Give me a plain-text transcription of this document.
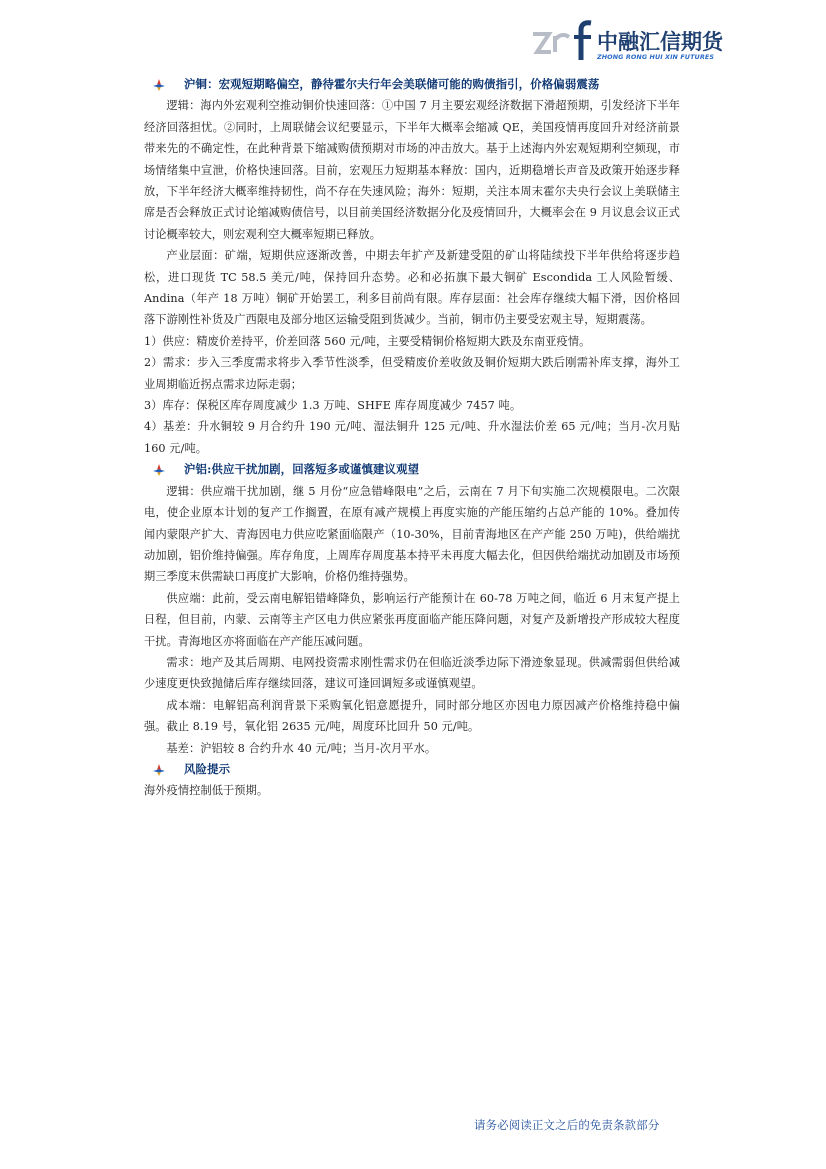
中融汇信期货
ZHONG RONG HUI XIN FUTURES
沪铜：宏观短期略偏空，静待霍尔夫行年会美联储可能的购债指引，价格偏弱震荡

逻辑：海内外宏观利空推动铜价快速回落：①中国 7 月主要宏观经济数据下滑超预期，引发经济下半年经济回落担忧。②同时，上周联储会议纪要显示，下半年大概率会缩减 QE，美国疫情再度回升对经济前景带来先的不确定性，在此种背景下缩减购债预期对市场的冲击放大。基于上述海内外宏观短期利空频现，市场情绪集中宣泄，价格快速回落。目前，宏观压力短期基本释放：国内，近期稳增长声音及政策开始逐步释放，下半年经济大概率维持韧性，尚不存在失速风险；海外：短期，关注本周末霍尔夫央行会议上美联储主席是否会释放正式讨论缩减购债信号，以目前美国经济数据分化及疫情回升，大概率会在 9 月议息会议正式讨论概率较大，则宏观利空大概率短期已释放。

产业层面：矿端，短期供应逐渐改善，中期去年扩产及新建受阻的矿山将陆续投下半年供给将逐步趋松，进口现货 TC 58.5 美元/吨，保持回升态势。必和必拓旗下最大铜矿 Escondida 工人风险暂缓、Andina（年产 18 万吨）铜矿开始罢工，利多目前尚有限。库存层面：社会库存继续大幅下滑，因价格回落下游刚性补货及广西限电及部分地区运输受阻到货减少。当前，铜市仍主要受宏观主导，短期震荡。

1）供应：精废价差持平，价差回落 560 元/吨，主要受精铜价格短期大跌及东南亚疫情。

2）需求：步入三季度需求将步入季节性淡季，但受精废价差收敛及铜价短期大跌后刚需补库支撑，海外工业周期临近拐点需求边际走弱；

3）库存：保税区库存周度减少 1.3 万吨、SHFE 库存周度减少 7457 吨。

4）基差：升水铜较 9 月合约升 190 元/吨、湿法铜升 125 元/吨、升水湿法价差 65 元/吨；当月-次月贴 160 元/吨。

沪铝:供应干扰加剧，回落短多或谨慎建议观望

逻辑：供应端干扰加剧，继 5 月份“应急错峰限电”之后，云南在 7 月下旬实施二次规模限电。二次限电，使企业原本计划的复产工作搁置，在原有减产规模上再度实施的产能压缩约占总产能的 10%。叠加传闻内蒙限产扩大、青海因电力供应吃紧面临限产（10-30%，目前青海地区在产产能 250 万吨)，供给端扰动加剧，铝价维持偏强。库存角度，上周库存周度基本持平未再度大幅去化，但因供给端扰动加剧及市场预期三季度末供需缺口再度扩大影响，价格仍维持强势。

供应端：此前，受云南电解铝错峰降负，影响运行产能预计在 60-78 万吨之间，临近 6 月末复产提上日程，但目前，内蒙、云南等主产区电力供应紧张再度面临产能压降问题，对复产及新增投产形成较大程度干扰。青海地区亦将面临在产产能压减问题。

需求：地产及其后周期、电网投资需求刚性需求仍在但临近淡季边际下滑迹象显现。供减需弱但供给减少速度更快致抛储后库存继续回落，建议可逢回调短多或谨慎观望。

成本端：电解铝高利润背景下采购氧化铝意愿提升，同时部分地区亦因电力原因减产价格维持稳中偏强。截止 8.19 号，氧化铝 2635 元/吨，周度环比回升 50 元/吨。

基差：沪铝较 8 合约升水 40 元/吨；当月-次月平水。

风险提示

海外疫情控制低于预期。

请务必阅读正文之后的免责条款部分
